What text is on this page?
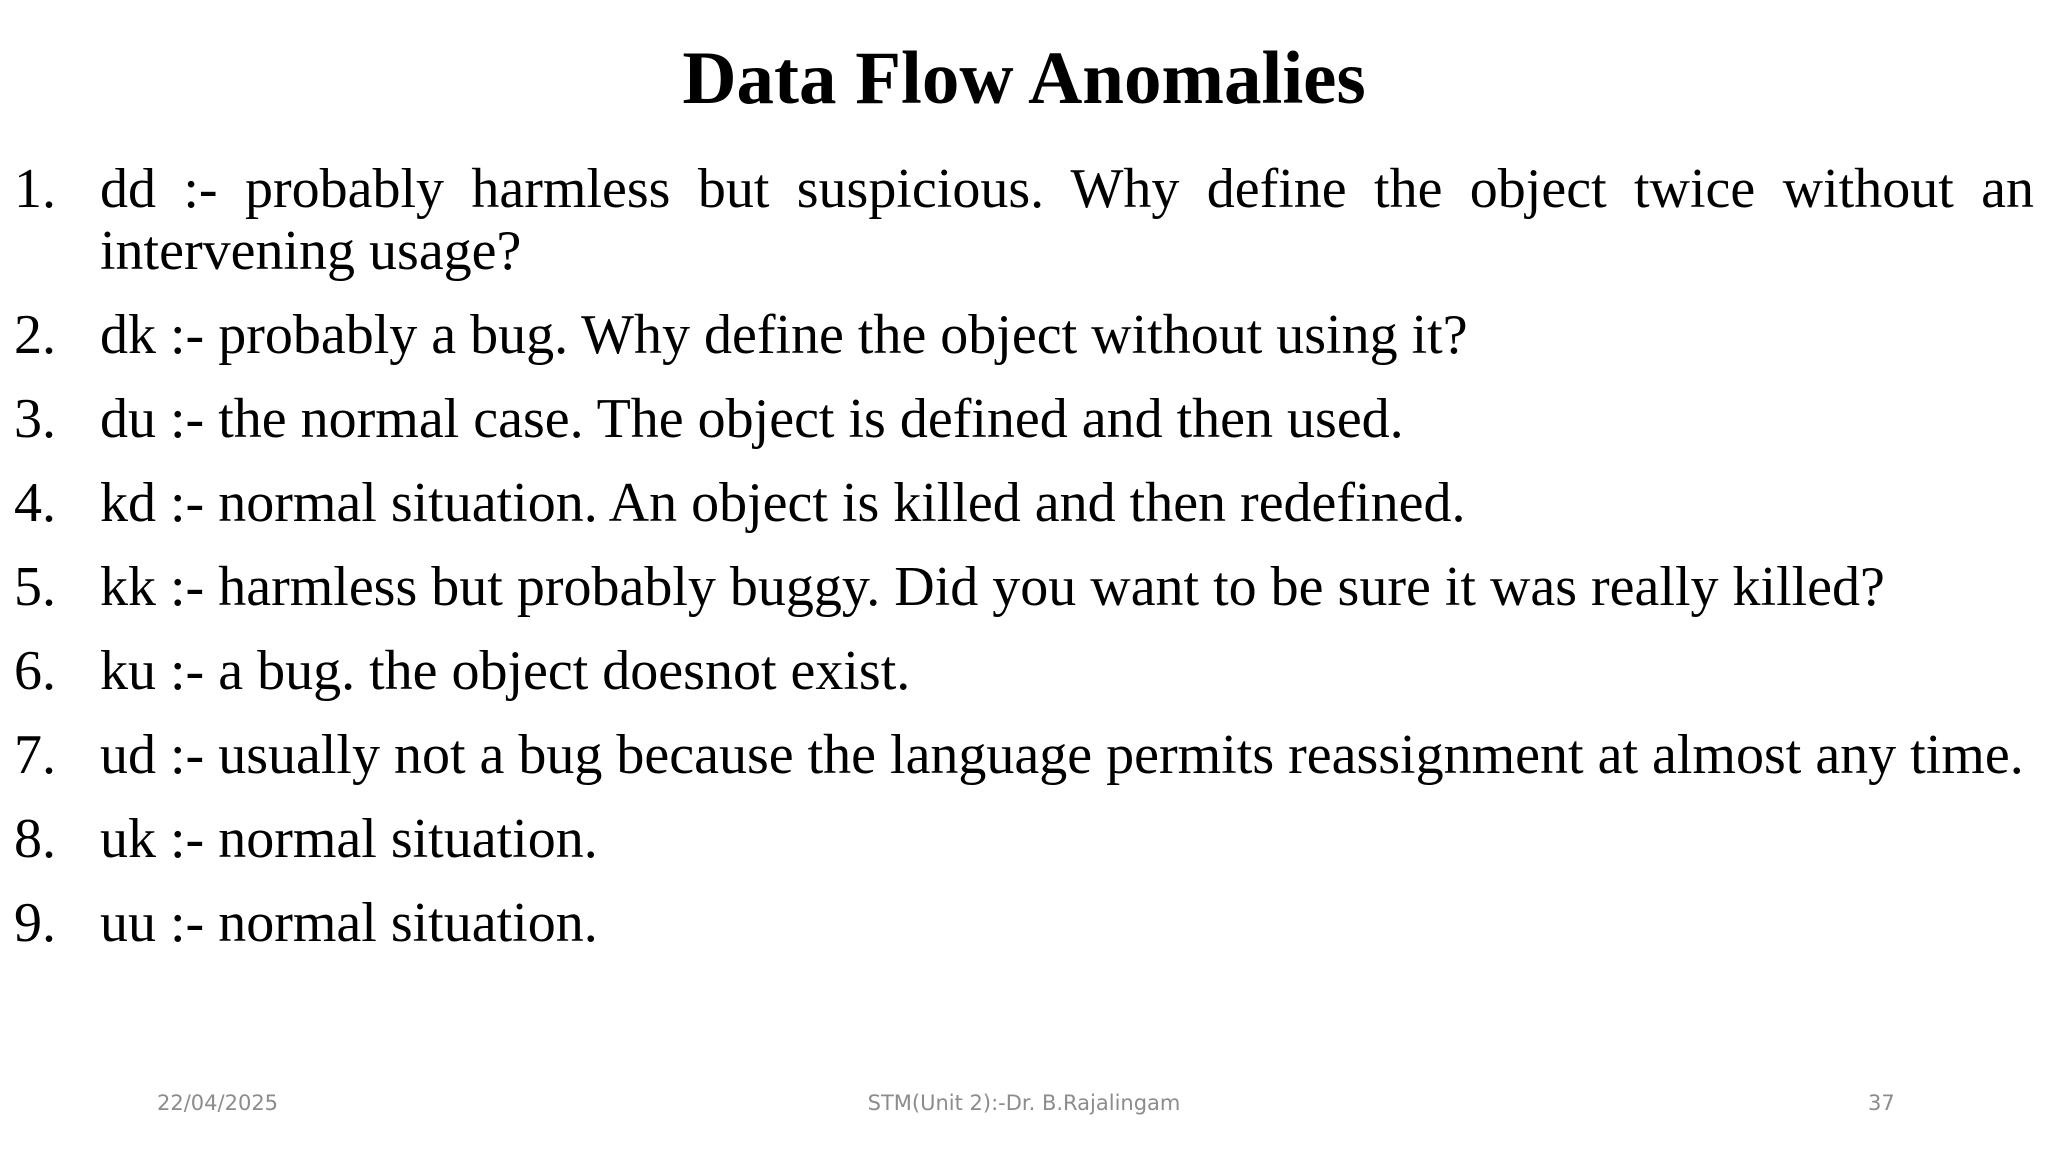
Data Flow Anomalies
1. dd :- probably harmless but suspicious. Why define the object twice without an intervening usage?
2. dk :- probably a bug. Why define the object without using it?
3. du :- the normal case. The object is defined and then used.
4. kd :- normal situation. An object is killed and then redefined.
5. kk :- harmless but probably buggy. Did you want to be sure it was really killed?
6. ku :- a bug. the object doesnot exist.
7. ud :- usually not a bug because the language permits reassignment at almost any time.
8. uk :- normal situation.
9. uu :- normal situation.
22/04/2025	STM(Unit 2):-Dr. B.Rajalingam	37
